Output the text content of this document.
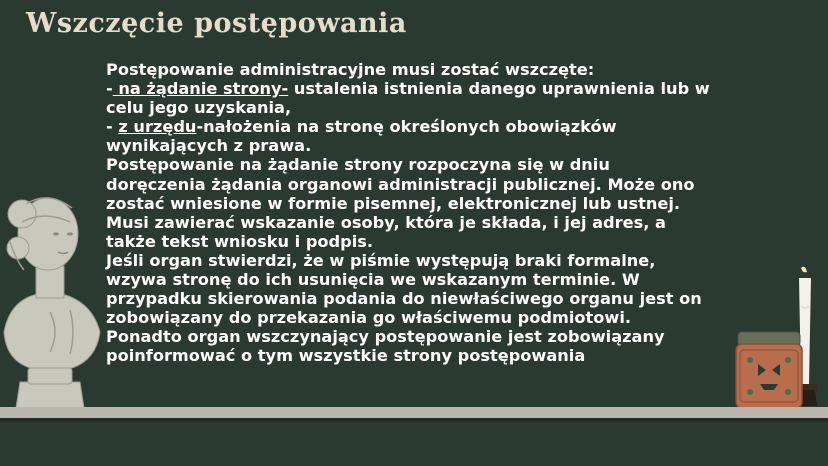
Wszczęcie postępowania
Postępowanie administracyjne musi zostać wszczęte:
- na żądanie strony- ustalenia istnienia danego uprawnienia lub w
celu jego uzyskania,
- z urzędu-nałożenia na stronę określonych obowiązków
wynikających z prawa.
Postępowanie na żądanie strony rozpoczyna się w dniu
doręczenia żądania organowi administracji publicznej. Może ono
zostać wniesione w formie pisemnej, elektronicznej lub ustnej.
Musi zawierać wskazanie osoby, która je składa, i jej adres, a
także tekst wniosku i podpis.
Jeśli organ stwierdzi, że w piśmie występują braki formalne,
wzywa stronę do ich usunięcia we wskazanym terminie. W
przypadku skierowania podania do niewłaściwego organu jest on
zobowiązany do przekazania go właściwemu podmiotowi.
Ponadto organ wszczynający postępowanie jest zobowiązany
poinformować o tym wszystkie strony postępowania
